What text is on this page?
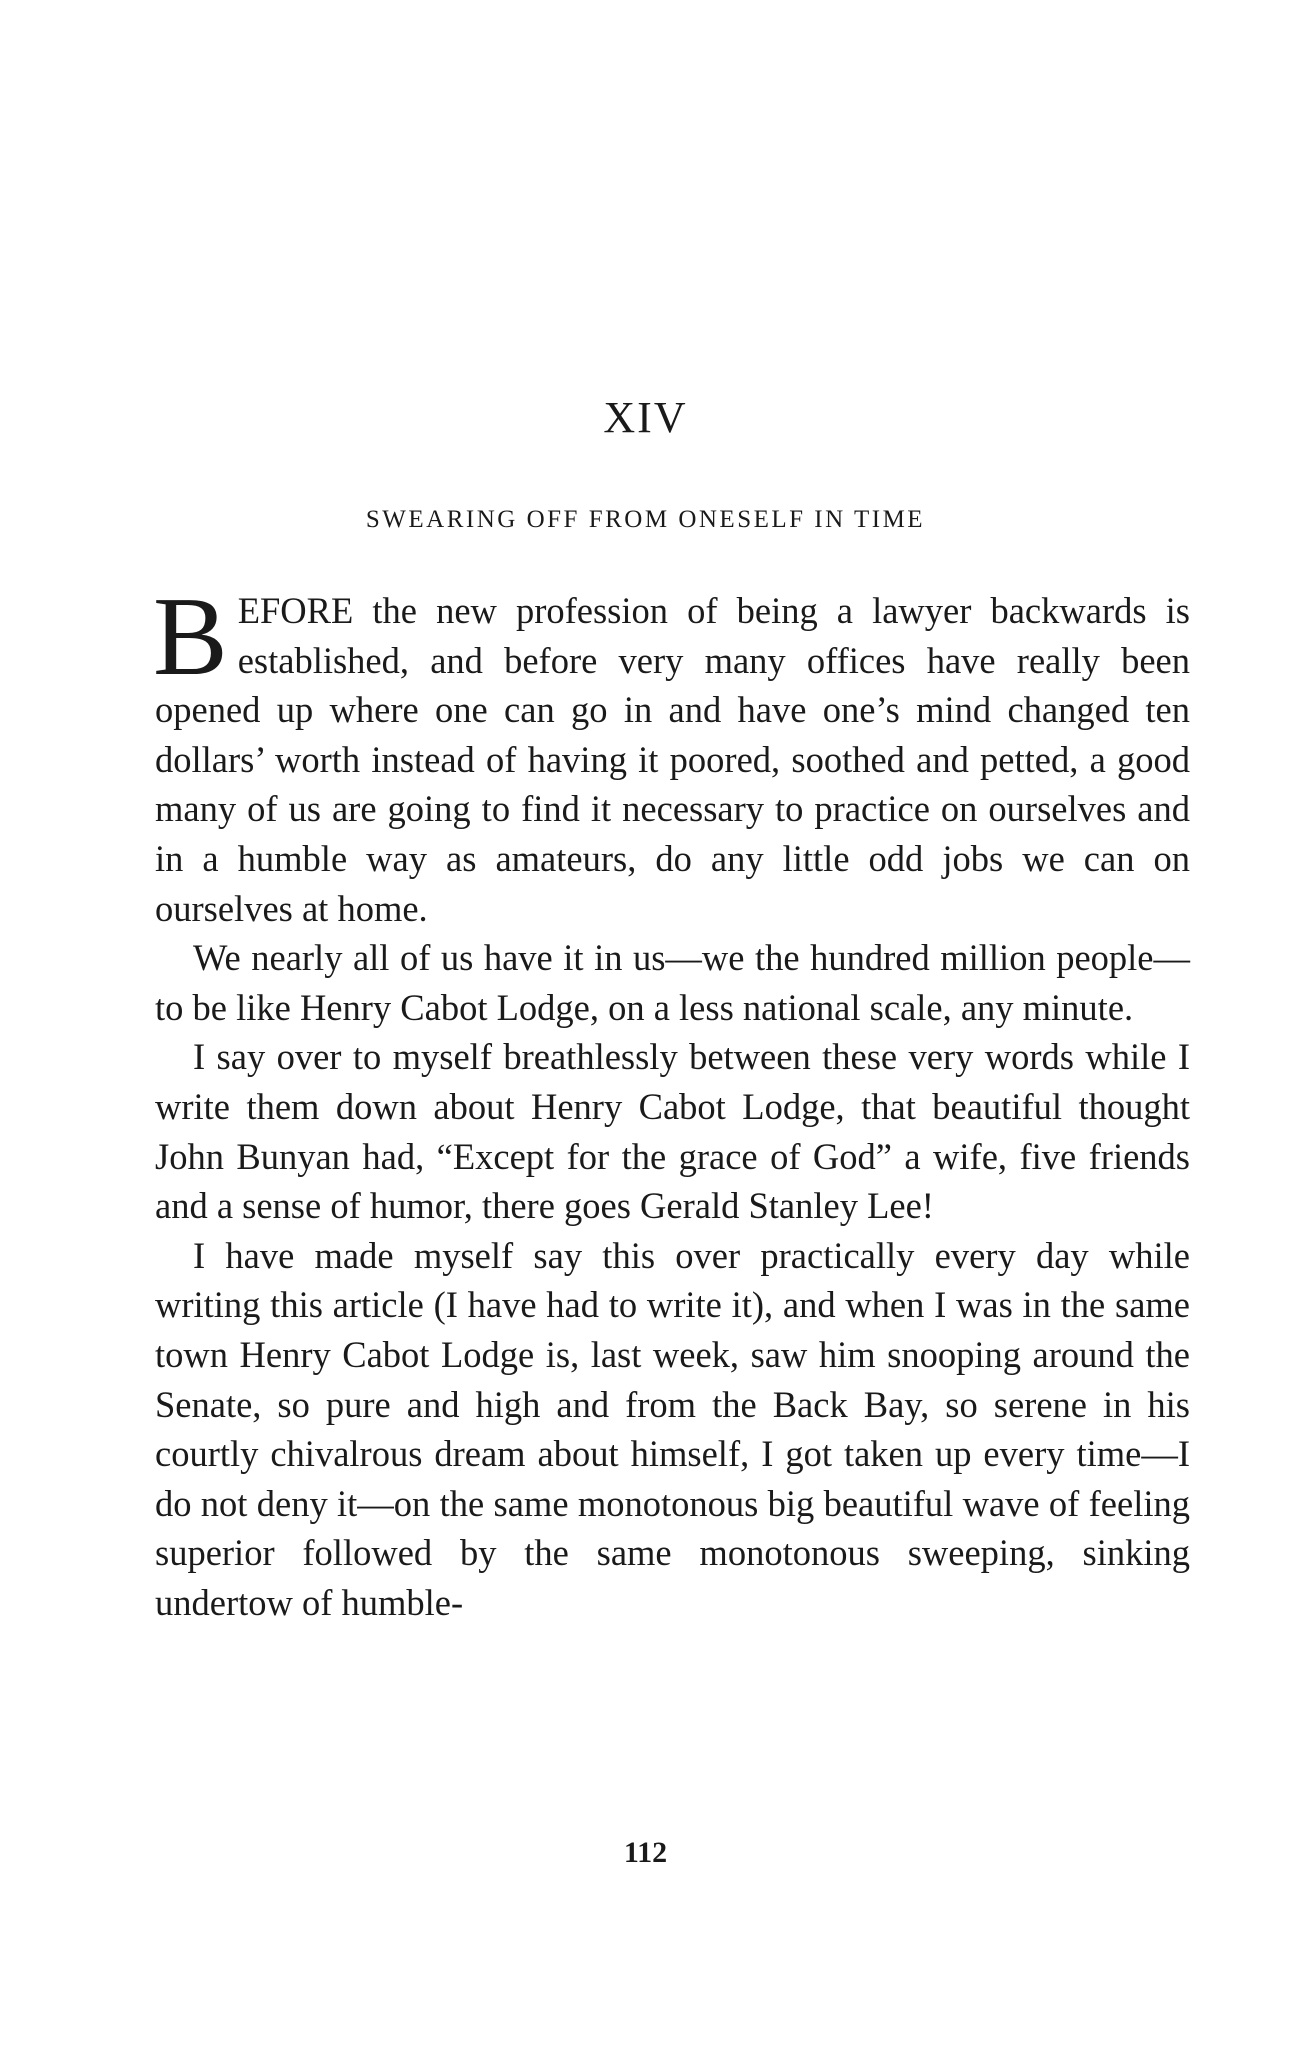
XIV
SWEARING OFF FROM ONESELF IN TIME

BEFORE the new profession of being a lawyer backwards is established, and before very many offices have really been opened up where one can go in and have one’s mind changed ten dollars’ worth instead of having it poored, soothed and petted, a good many of us are going to find it necessary to practice on ourselves and in a humble way as amateurs, do any little odd jobs we can on ourselves at home.

We nearly all of us have it in us—we the hundred million people—to be like Henry Cabot Lodge, on a less national scale, any minute.

I say over to myself breathlessly between these very words while I write them down about Henry Cabot Lodge, that beautiful thought John Bunyan had, “Except for the grace of God” a wife, five friends and a sense of humor, there goes Gerald Stanley Lee!

I have made myself say this over practically every day while writing this article (I have had to write it), and when I was in the same town Henry Cabot Lodge is, last week, saw him snooping around the Senate, so pure and high and from the Back Bay, so serene in his courtly chivalrous dream about himself, I got taken up every time—I do not deny it—on the same monotonous big beautiful wave of feeling superior followed by the same monotonous sweeping, sinking undertow of humble-

112
